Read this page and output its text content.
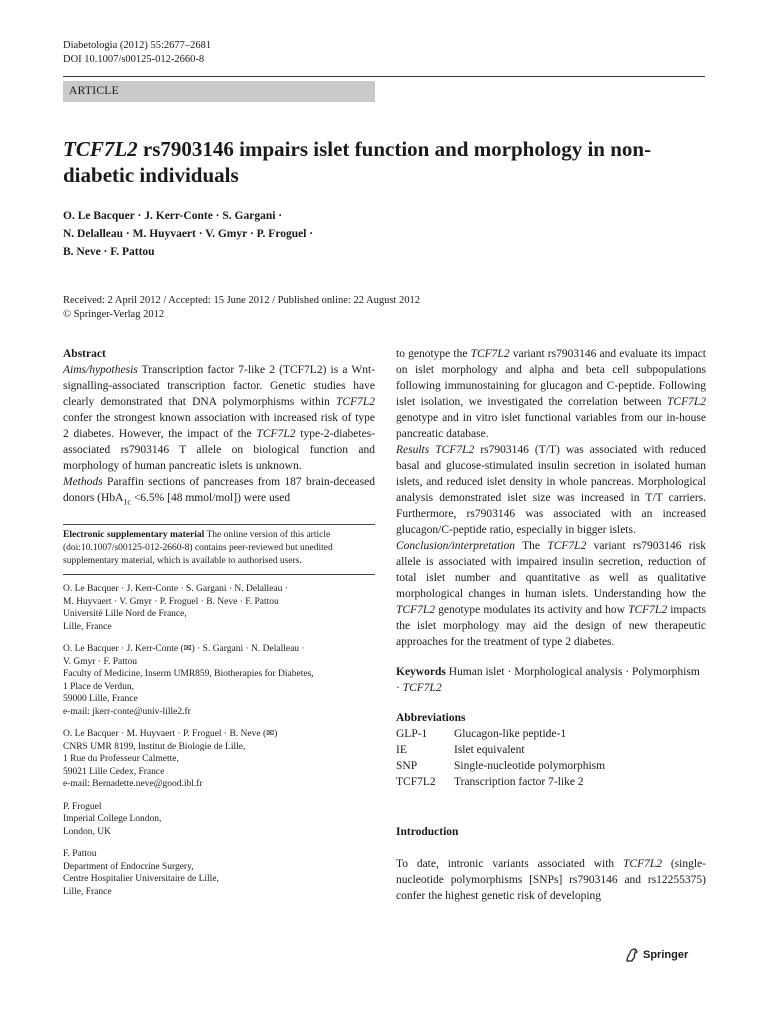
Diabetologia (2012) 55:2677–2681
DOI 10.1007/s00125-012-2660-8
ARTICLE
TCF7L2 rs7903146 impairs islet function and morphology in non-diabetic individuals
O. Le Bacquer · J. Kerr-Conte · S. Gargani ·
N. Delalleau · M. Huyvaert · V. Gmyr · P. Froguel ·
B. Neve · F. Pattou
Received: 2 April 2012 / Accepted: 15 June 2012 / Published online: 22 August 2012
© Springer-Verlag 2012
Abstract

Aims/hypothesis Transcription factor 7-like 2 (TCF7L2) is a Wnt-signalling-associated transcription factor. Genetic studies have clearly demonstrated that DNA polymorphisms within TCF7L2 confer the strongest known association with increased risk of type 2 diabetes. However, the impact of the TCF7L2 type-2-diabetes-associated rs7903146 T allele on biological function and morphology of human pancreatic islets is unknown.

Methods Paraffin sections of pancreases from 187 brain-deceased donors (HbA$_{1c}$ <6.5% [48 mmol/mol]) were used

Electronic supplementary material The online version of this article (doi:10.1007/s00125-012-2660-8) contains peer-reviewed but unedited supplementary material, which is available to authorised users.

O. Le Bacquer · J. Kerr-Conte · S. Gargani · N. Delalleau ·
M. Huyvaert · V. Gmyr · P. Froguel · B. Neve · F. Pattou
Université Lille Nord de France,
Lille, France
O. Le Bacquer · J. Kerr-Conte (✉) · S. Gargani · N. Delalleau ·
V. Gmyr · F. Pattou
Faculty of Medicine, Inserm UMR859, Biotherapies for Diabetes,
1 Place de Verdun,
59000 Lille, France
e-mail: jkerr-conte@univ-lille2.fr
O. Le Bacquer · M. Huyvaert · P. Froguel · B. Neve (✉)
CNRS UMR 8199, Institut de Biologie de Lille,
1 Rue du Professeur Calmette,
59021 Lille Cedex, France
e-mail: Bernadette.neve@good.ibl.fr
P. Froguel
Imperial College London,
London, UK
F. Pattou
Department of Endocrine Surgery,
Centre Hospitalier Universitaire de Lille,
Lille, France

to genotype the TCF7L2 variant rs7903146 and evaluate its impact on islet morphology and alpha and beta cell subpopulations following immunostaining for glucagon and C-peptide. Following islet isolation, we investigated the correlation between TCF7L2 genotype and in vitro islet functional variables from our in-house pancreatic database.

Results TCF7L2 rs7903146 (T/T) was associated with reduced basal and glucose-stimulated insulin secretion in isolated human islets, and reduced islet density in whole pancreas. Morphological analysis demonstrated islet size was increased in T/T carriers. Furthermore, rs7903146 was associated with an increased glucagon/C-peptide ratio, especially in bigger islets.

Conclusion/interpretation The TCF7L2 variant rs7903146 risk allele is associated with impaired insulin secretion, reduction of total islet number and quantitative as well as qualitative morphological changes in human islets. Understanding how the TCF7L2 genotype modulates its activity and how TCF7L2 impacts the islet morphology may aid the design of new therapeutic approaches for the treatment of type 2 diabetes.

Keywords Human islet · Morphological analysis · Polymorphism · TCF7L2

Abbreviations
GLP-1	Glucagon-like peptide-1
IE	Islet equivalent
SNP	Single-nucleotide polymorphism
TCF7L2	Transcription factor 7-like 2
Introduction

To date, intronic variants associated with TCF7L2 (single-nucleotide polymorphisms [SNPs] rs7903146 and rs12255375) confer the highest genetic risk of developing

Springer
